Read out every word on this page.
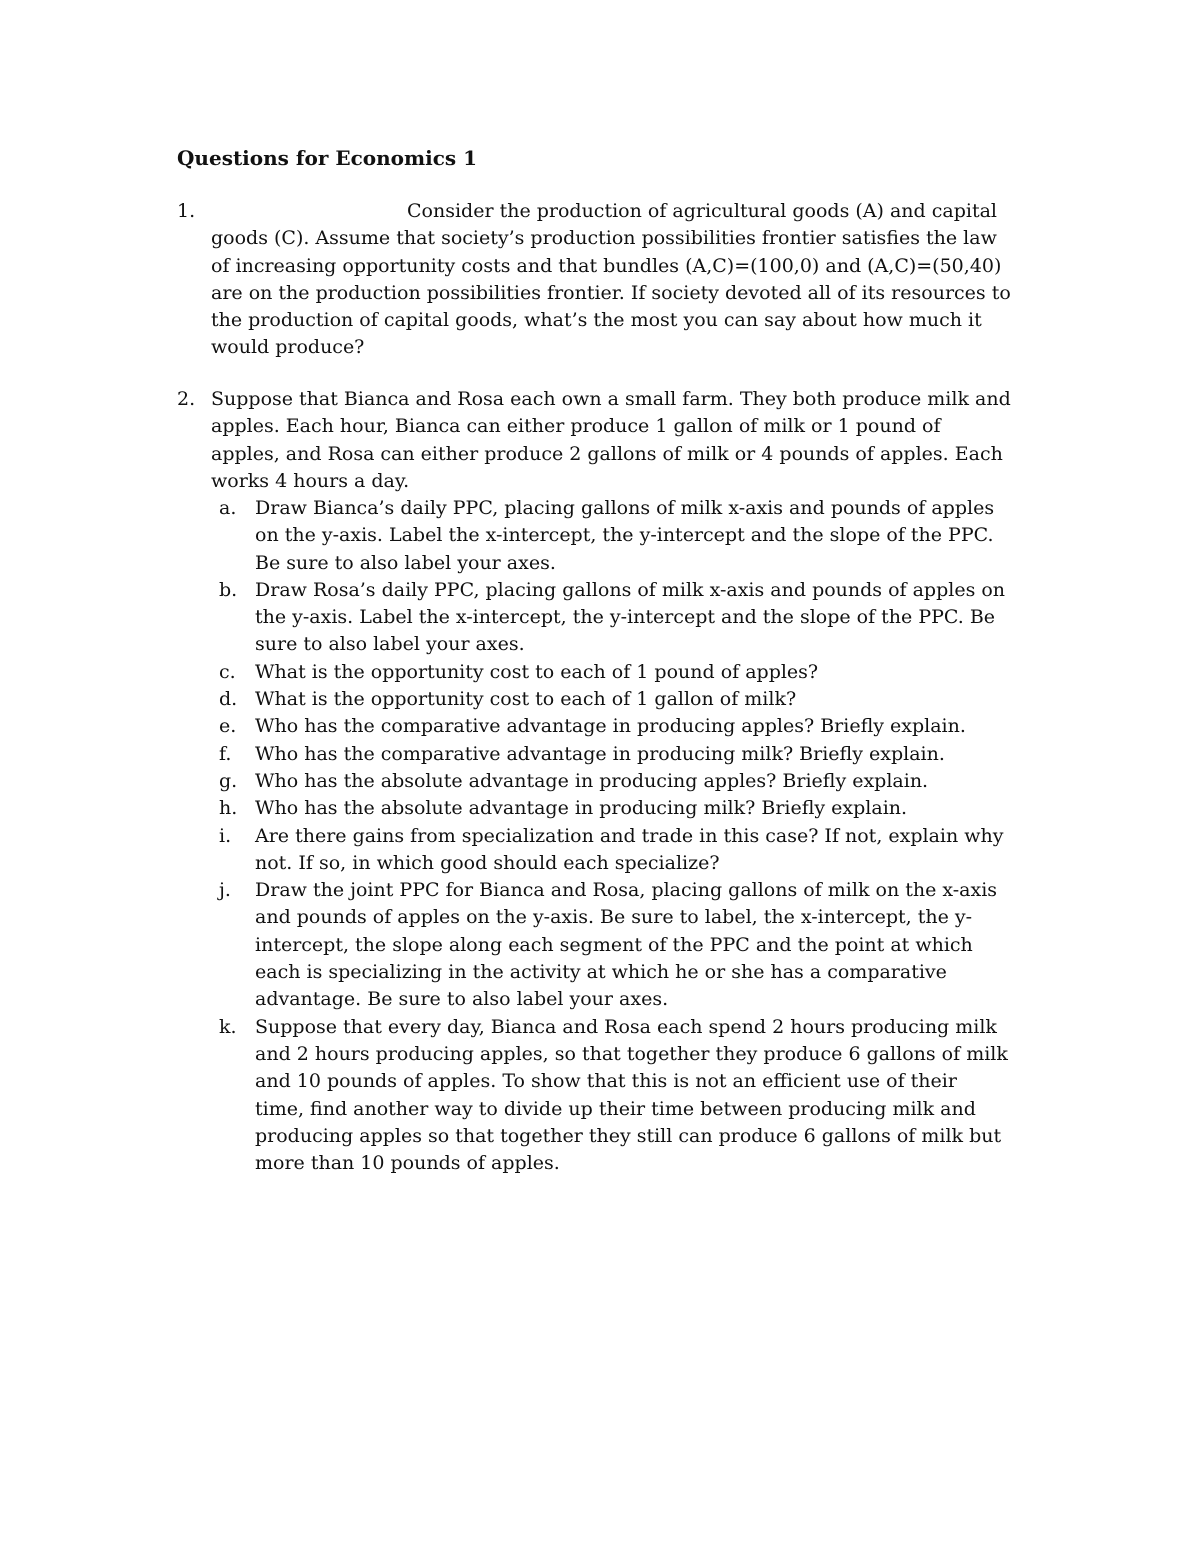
Questions for Economics 1
1.	Consider the production of agricultural goods (A) and capital goods (C). Assume that society’s production possibilities frontier satisfies the law of increasing opportunity costs and that bundles (A,C)=(100,0) and (A,C)=(50,40) are on the production possibilities frontier. If society devoted all of its resources to the production of capital goods, what’s the most you can say about how much it would produce?

2. Suppose that Bianca and Rosa each own a small farm. They both produce milk and apples. Each hour, Bianca can either produce 1 gallon of milk or 1 pound of apples, and Rosa can either produce 2 gallons of milk or 4 pounds of apples. Each works 4 hours a day.

a. Draw Bianca’s daily PPC, placing gallons of milk x-axis and pounds of apples on the y-axis. Label the x-intercept, the y-intercept and the slope of the PPC. Be sure to also label your axes.
b. Draw Rosa’s daily PPC, placing gallons of milk x-axis and pounds of apples on the y-axis. Label the x-intercept, the y-intercept and the slope of the PPC. Be sure to also label your axes.
c. What is the opportunity cost to each of 1 pound of apples?
d. What is the opportunity cost to each of 1 gallon of milk?
e. Who has the comparative advantage in producing apples? Briefly explain.
f. Who has the comparative advantage in producing milk? Briefly explain.
g. Who has the absolute advantage in producing apples? Briefly explain.
h. Who has the absolute advantage in producing milk? Briefly explain.
i. Are there gains from specialization and trade in this case? If not, explain why not. If so, in which good should each specialize?
j. Draw the joint PPC for Bianca and Rosa, placing gallons of milk on the x-axis and pounds of apples on the y-axis. Be sure to label, the x-intercept, the y-intercept, the slope along each segment of the PPC and the point at which each is specializing in the activity at which he or she has a comparative advantage. Be sure to also label your axes.
k. Suppose that every day, Bianca and Rosa each spend 2 hours producing milk and 2 hours producing apples, so that together they produce 6 gallons of milk and 10 pounds of apples. To show that this is not an efficient use of their time, find another way to divide up their time between producing milk and producing apples so that together they still can produce 6 gallons of milk but more than 10 pounds of apples.
